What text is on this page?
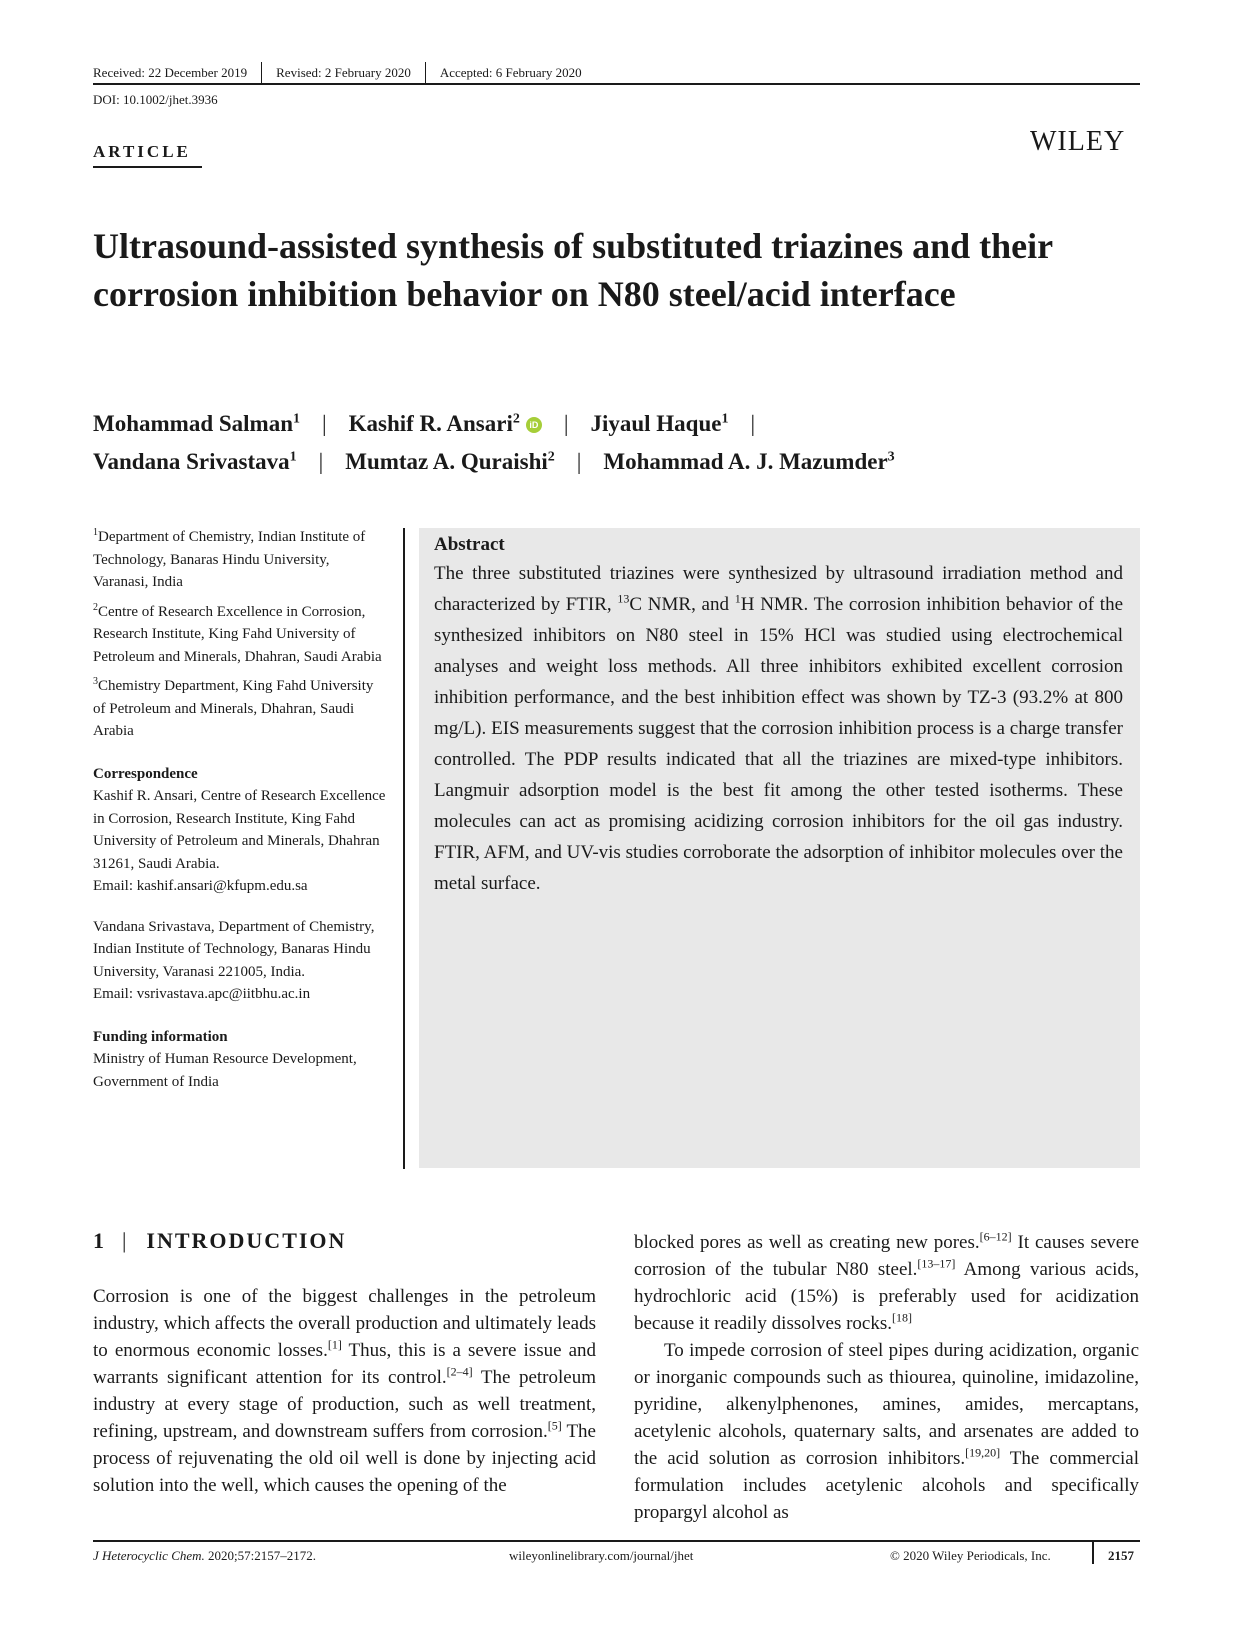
Received: 22 December 2019	Revised: 2 February 2020	Accepted: 6 February 2020
DOI: 10.1002/jhet.3936
ARTICLE	WILEY
Ultrasound-assisted synthesis of substituted triazines and their corrosion inhibition behavior on N80 steel/acid interface
Mohammad Salman$^1$ | Kashif R. Ansari$^2$ iD | Jiyaul Haque$^1$ |
Vandana Srivastava$^1$ | Mumtaz A. Quraishi$^2$ | Mohammad A. J. Mazumder$^3$

$^1$Department of Chemistry, Indian Institute of Technology, Banaras Hindu University, Varanasi, India

$^2$Centre of Research Excellence in Corrosion, Research Institute, King Fahd University of Petroleum and Minerals, Dhahran, Saudi Arabia

$^3$Chemistry Department, King Fahd University of Petroleum and Minerals, Dhahran, Saudi Arabia

Correspondence

Kashif R. Ansari, Centre of Research Excellence in Corrosion, Research Institute, King Fahd University of Petroleum and Minerals, Dhahran 31261, Saudi Arabia.

Email: kashif.ansari@kfupm.edu.sa

Vandana Srivastava, Department of Chemistry, Indian Institute of Technology, Banaras Hindu University, Varanasi 221005, India.

Email: vsrivastava.apc@iitbhu.ac.in

Funding information

Ministry of Human Resource Development, Government of India

Abstract

The three substituted triazines were synthesized by ultrasound irradiation method and characterized by FTIR, $^{13}$C NMR, and $^1$H NMR. The corrosion inhibition behavior of the synthesized inhibitors on N80 steel in 15% HCl was studied using electrochemical analyses and weight loss methods. All three inhibitors exhibited excellent corrosion inhibition performance, and the best inhibition effect was shown by TZ-3 (93.2% at 800 mg/L). EIS measurements suggest that the corrosion inhibition process is a charge transfer controlled. The PDP results indicated that all the triazines are mixed-type inhibitors. Langmuir adsorption model is the best fit among the other tested isotherms. These molecules can act as promising acidizing corrosion inhibitors for the oil gas industry. FTIR, AFM, and UV-vis studies corroborate the adsorption of inhibitor molecules over the metal surface.

1 | INTRODUCTION

Corrosion is one of the biggest challenges in the petroleum industry, which affects the overall production and ultimately leads to enormous economic losses.[1] Thus, this is a severe issue and warrants significant attention for its control.[2–4] The petroleum industry at every stage of production, such as well treatment, refining, upstream, and downstream suffers from corrosion.[5] The process of rejuvenating the old oil well is done by injecting acid solution into the well, which causes the opening of the

blocked pores as well as creating new pores.[6–12] It causes severe corrosion of the tubular N80 steel.[13–17] Among various acids, hydrochloric acid (15%) is preferably used for acidization because it readily dissolves rocks.[18]

To impede corrosion of steel pipes during acidization, organic or inorganic compounds such as thiourea, quinoline, imidazoline, pyridine, alkenylphenones, amines, amides, mercaptans, acetylenic alcohols, quaternary salts, and arsenates are added to the acid solution as corrosion inhibitors.[19,20] The commercial formulation includes acetylenic alcohols and specifically propargyl alcohol as

J Heterocyclic Chem. 2020;57:2157–2172.	wileyonlinelibrary.com/journal/jhet	© 2020 Wiley Periodicals, Inc.	2157
